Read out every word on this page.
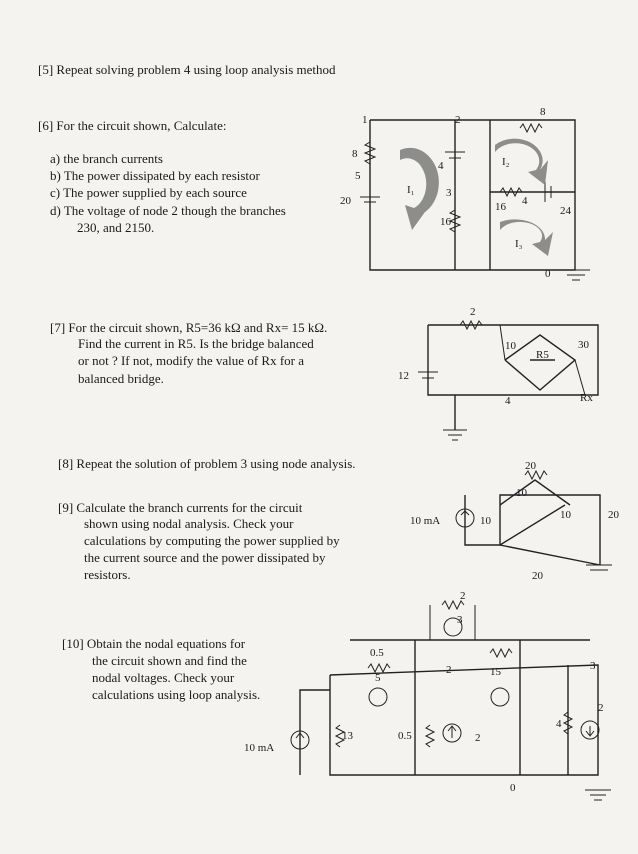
[5] Repeat solving problem 4 using loop analysis method
[6] For the circuit shown, Calculate:
a) the branch currents
b) The power dissipated by each resistor
c) The power supplied by each source
d) The voltage of node 2 though the branches
230, and 2150.
[7] For the circuit shown, R5=36 kΩ and Rx= 15 kΩ.
Find the current in R5. Is the bridge balanced
or not ? If not, modify the value of Rx for a
balanced bridge.
[8] Repeat the solution of problem 3 using node analysis.
[9] Calculate the branch currents for the circuit
shown using nodal analysis. Check your
calculations by computing the power supplied by
the current source and the power dissipated by
resistors.
[10] Obtain the nodal equations for
the circuit shown and find the
nodal voltages. Check your
calculations using loop analysis.
1	2
8
0
8
5
20
4
3
16
16 4
24
I₁
I₂
I₃
2
10
R5
30
12
4	Rx
20
10
10 mA	10	10	20
20
2
3
0.5
5
2	15	3
2
13	0.5
4
2
10 mA
0
